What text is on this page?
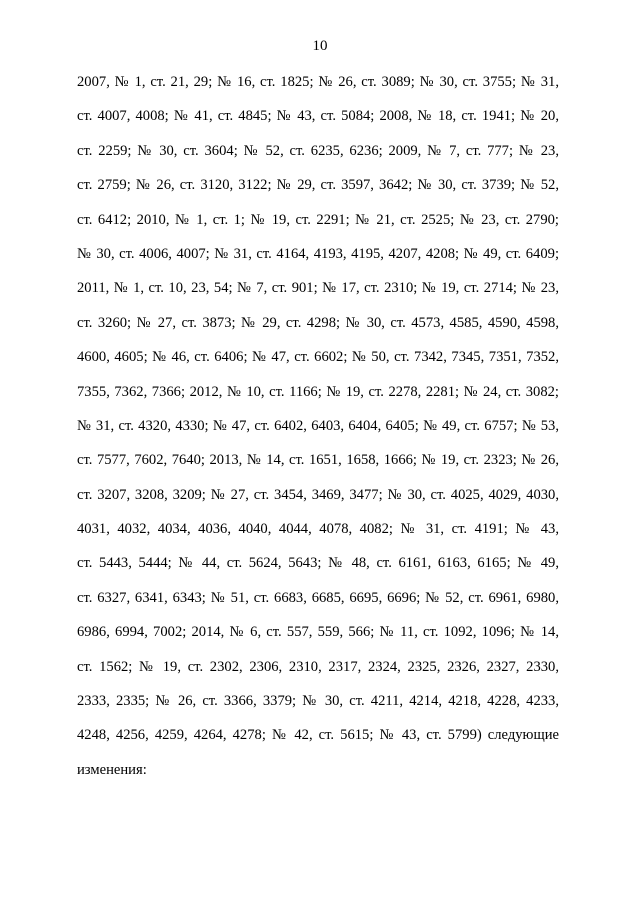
10
2007, № 1, ст. 21, 29; № 16, ст. 1825; № 26, ст. 3089; № 30, ст. 3755; № 31,
ст. 4007, 4008; № 41, ст. 4845; № 43, ст. 5084; 2008, № 18, ст. 1941; № 20,
ст. 2259; № 30, ст. 3604; № 52, ст. 6235, 6236; 2009, № 7, ст. 777; № 23,
ст. 2759; № 26, ст. 3120, 3122; № 29, ст. 3597, 3642; № 30, ст. 3739; № 52,
ст. 6412; 2010, № 1, ст. 1; № 19, ст. 2291; № 21, ст. 2525; № 23, ст. 2790;
№ 30, ст. 4006, 4007; № 31, ст. 4164, 4193, 4195, 4207, 4208; № 49, ст. 6409;
2011, № 1, ст. 10, 23, 54; № 7, ст. 901; № 17, ст. 2310; № 19, ст. 2714; № 23,
ст. 3260; № 27, ст. 3873; № 29, ст. 4298; № 30, ст. 4573, 4585, 4590, 4598,
4600, 4605; № 46, ст. 6406; № 47, ст. 6602; № 50, ст. 7342, 7345, 7351, 7352,
7355, 7362, 7366; 2012, № 10, ст. 1166; № 19, ст. 2278, 2281; № 24, ст. 3082;
№ 31, ст. 4320, 4330; № 47, ст. 6402, 6403, 6404, 6405; № 49, ст. 6757; № 53,
ст. 7577, 7602, 7640; 2013, № 14, ст. 1651, 1658, 1666; № 19, ст. 2323; № 26,
ст. 3207, 3208, 3209; № 27, ст. 3454, 3469, 3477; № 30, ст. 4025, 4029, 4030,
4031, 4032, 4034, 4036, 4040, 4044, 4078, 4082; № 31, ст. 4191; № 43,
ст. 5443, 5444; № 44, ст. 5624, 5643; № 48, ст. 6161, 6163, 6165; № 49,
ст. 6327, 6341, 6343; № 51, ст. 6683, 6685, 6695, 6696; № 52, ст. 6961, 6980,
6986, 6994, 7002; 2014, № 6, ст. 557, 559, 566; № 11, ст. 1092, 1096; № 14,
ст. 1562; № 19, ст. 2302, 2306, 2310, 2317, 2324, 2325, 2326, 2327, 2330,
2333, 2335; № 26, ст. 3366, 3379; № 30, ст. 4211, 4214, 4218, 4228, 4233,
4248, 4256, 4259, 4264, 4278; № 42, ст. 5615; № 43, ст. 5799) следующие
изменения:
